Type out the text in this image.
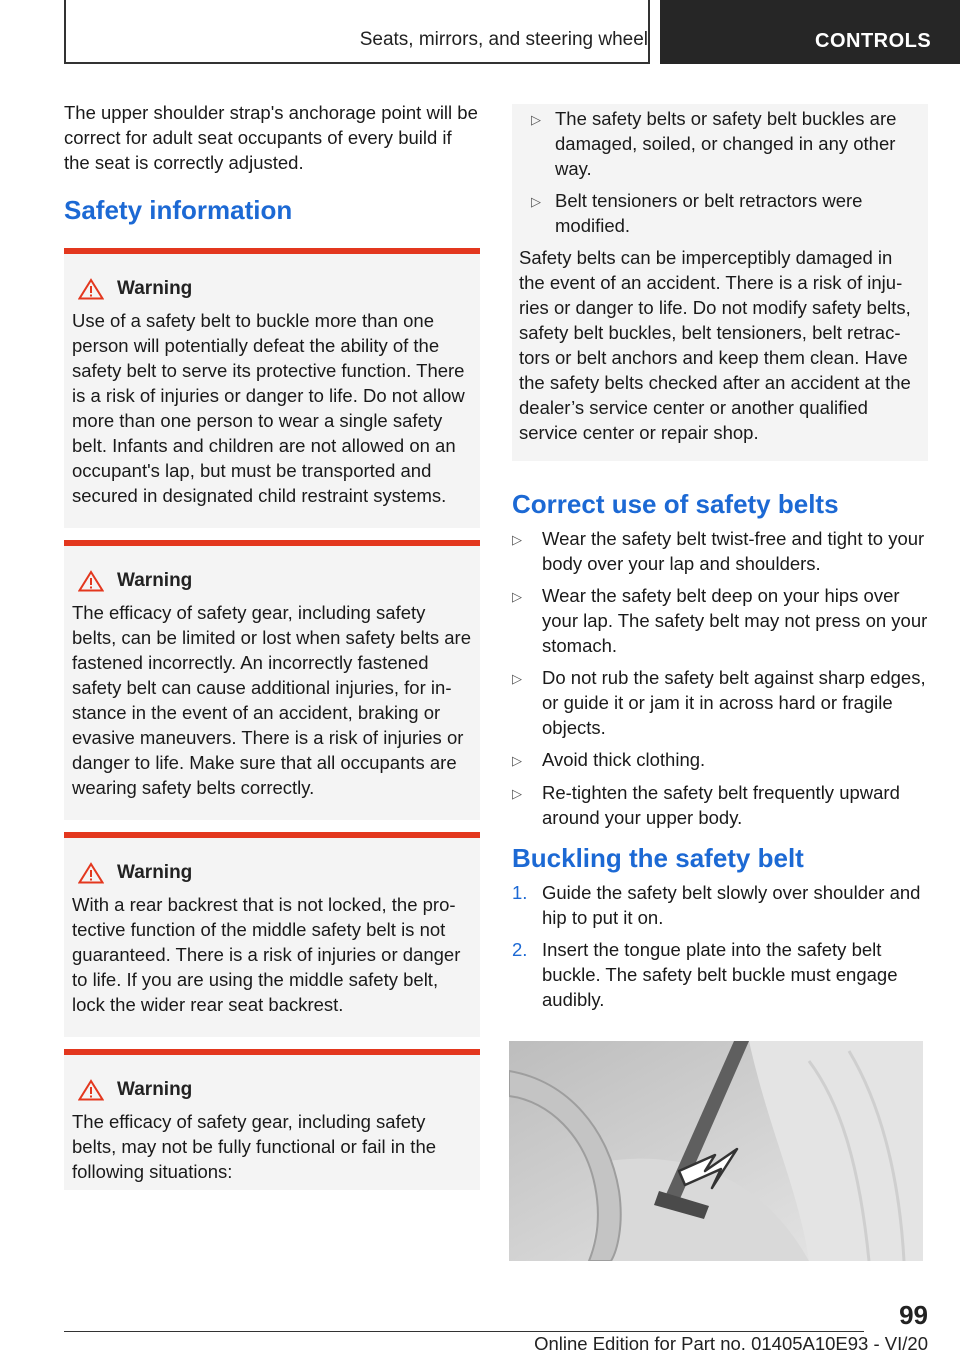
Seats, mirrors, and steering wheel	CONTROLS

The upper shoulder strap's anchorage point will be correct for adult seat occupants of every build if the seat is correctly adjusted.

Safety information
Warning

Use of a safety belt to buckle more than one person will potentially defeat the ability of the safety belt to serve its protective function. There is a risk of injuries or danger to life. Do not allow more than one person to wear a single safety belt. Infants and children are not allowed on an occupant's lap, but must be transported and secured in designated child restraint systems.

Warning

The efficacy of safety gear, including safety belts, can be limited or lost when safety belts are fastened incorrectly. An incorrectly fastened safety belt can cause additional injuries, for instance in the event of an accident, braking or evasive maneuvers. There is a risk of injuries or danger to life. Make sure that all occupants are wearing safety belts correctly.

Warning

With a rear backrest that is not locked, the protective function of the middle safety belt is not guaranteed. There is a risk of injuries or danger to life. If you are using the middle safety belt, lock the wider rear seat backrest.

Warning

The efficacy of safety gear, including safety belts, may not be fully functional or fail in the following situations:

▷ The safety belts or safety belt buckles are damaged, soiled, or changed in any other way.
▷ Belt tensioners or belt retractors were modified.

Safety belts can be imperceptibly damaged in the event of an accident. There is a risk of injuries or danger to life. Do not modify safety belts, safety belt buckles, belt tensioners, belt retractors or belt anchors and keep them clean. Have the safety belts checked after an accident at the dealer’s service center or another qualified service center or repair shop.

Correct use of safety belts
▷	Wear the safety belt twist-free and tight to your body over your lap and shoulders.
▷	Wear the safety belt deep on your hips over your lap. The safety belt may not press on your stomach.
▷	Do not rub the safety belt against sharp edges, or guide it or jam it in across hard or fragile objects.
▷	Avoid thick clothing.
▷	Re-tighten the safety belt frequently upward around your upper body.
Buckling the safety belt
1. Guide the safety belt slowly over shoulder and hip to put it on.
2. Insert the tongue plate into the safety belt buckle. The safety belt buckle must engage audibly.
99
Online Edition for Part no. 01405A10E93 - VI/20
